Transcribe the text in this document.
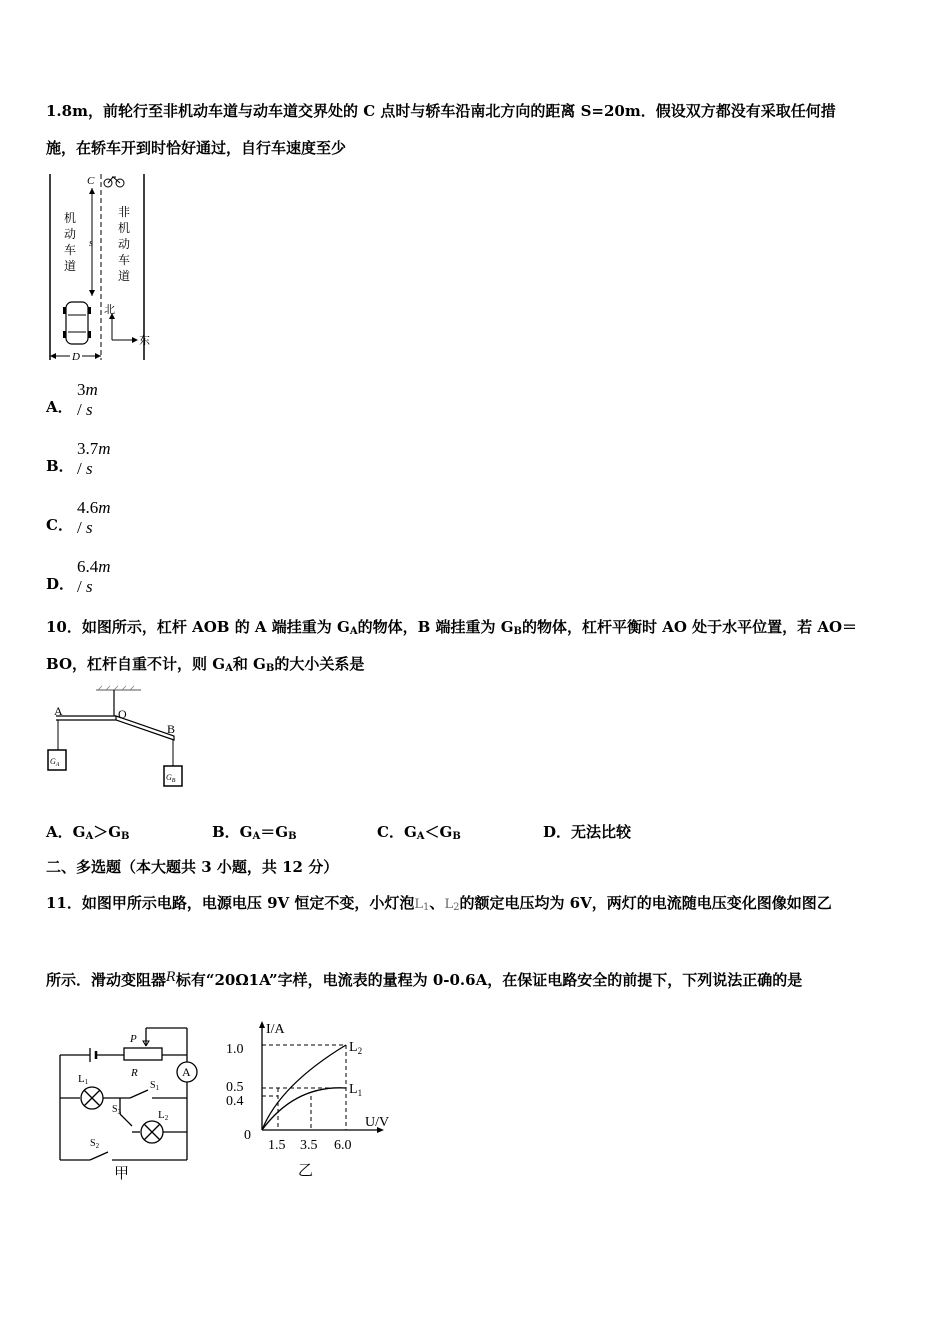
1.8m，前轮行至非机动车道与动车道交界处的 C 点时与轿车沿南北方向的距离 S=20m．假设双方都没有采取任何措
施，在轿车开到时恰好通过，自行车速度至少
C
s
机
动
车
道
非
机
动
车
道
北
东
D
3m / s
A．
3.7m / s
B．
4.6m / s
C．
6.4m / s
D．
10．如图所示，杠杆 AOB 的 A 端挂重为 $G_A$的物体，B 端挂重为 $G_B$的物体，杠杆平衡时 AO 处于水平位置，若 AO＝
BO，杠杆自重不计，则 $G_A$和 $G_B$的大小关系是
A	O
B
$G_A$
$G_B$
A．$G_A>G_B$	B．$G_A=G_B$	C．$G_A<G_B$	D．无法比较
二、多选题（本大题共 3 小题，共 12 分）
11．如图甲所示电路，电源电压 9V 恒定不变，小灯泡$L_1$、$L_2$的额定电压均为 6V，两灯的电流随电压变化图像如图乙
所示．滑动变阻器R标有“20Ω1A”字样，电流表的量程为 0-0.6A，在保证电路安全的前提下，下列说法正确的是
P
R	A
L1
L2
$S_1$
$S_3$
$S_2$
甲
I/A
U/V
0
1.0
0.5
0.4
1.5 3.5 6.0
$L_2$
$L_1$
乙
